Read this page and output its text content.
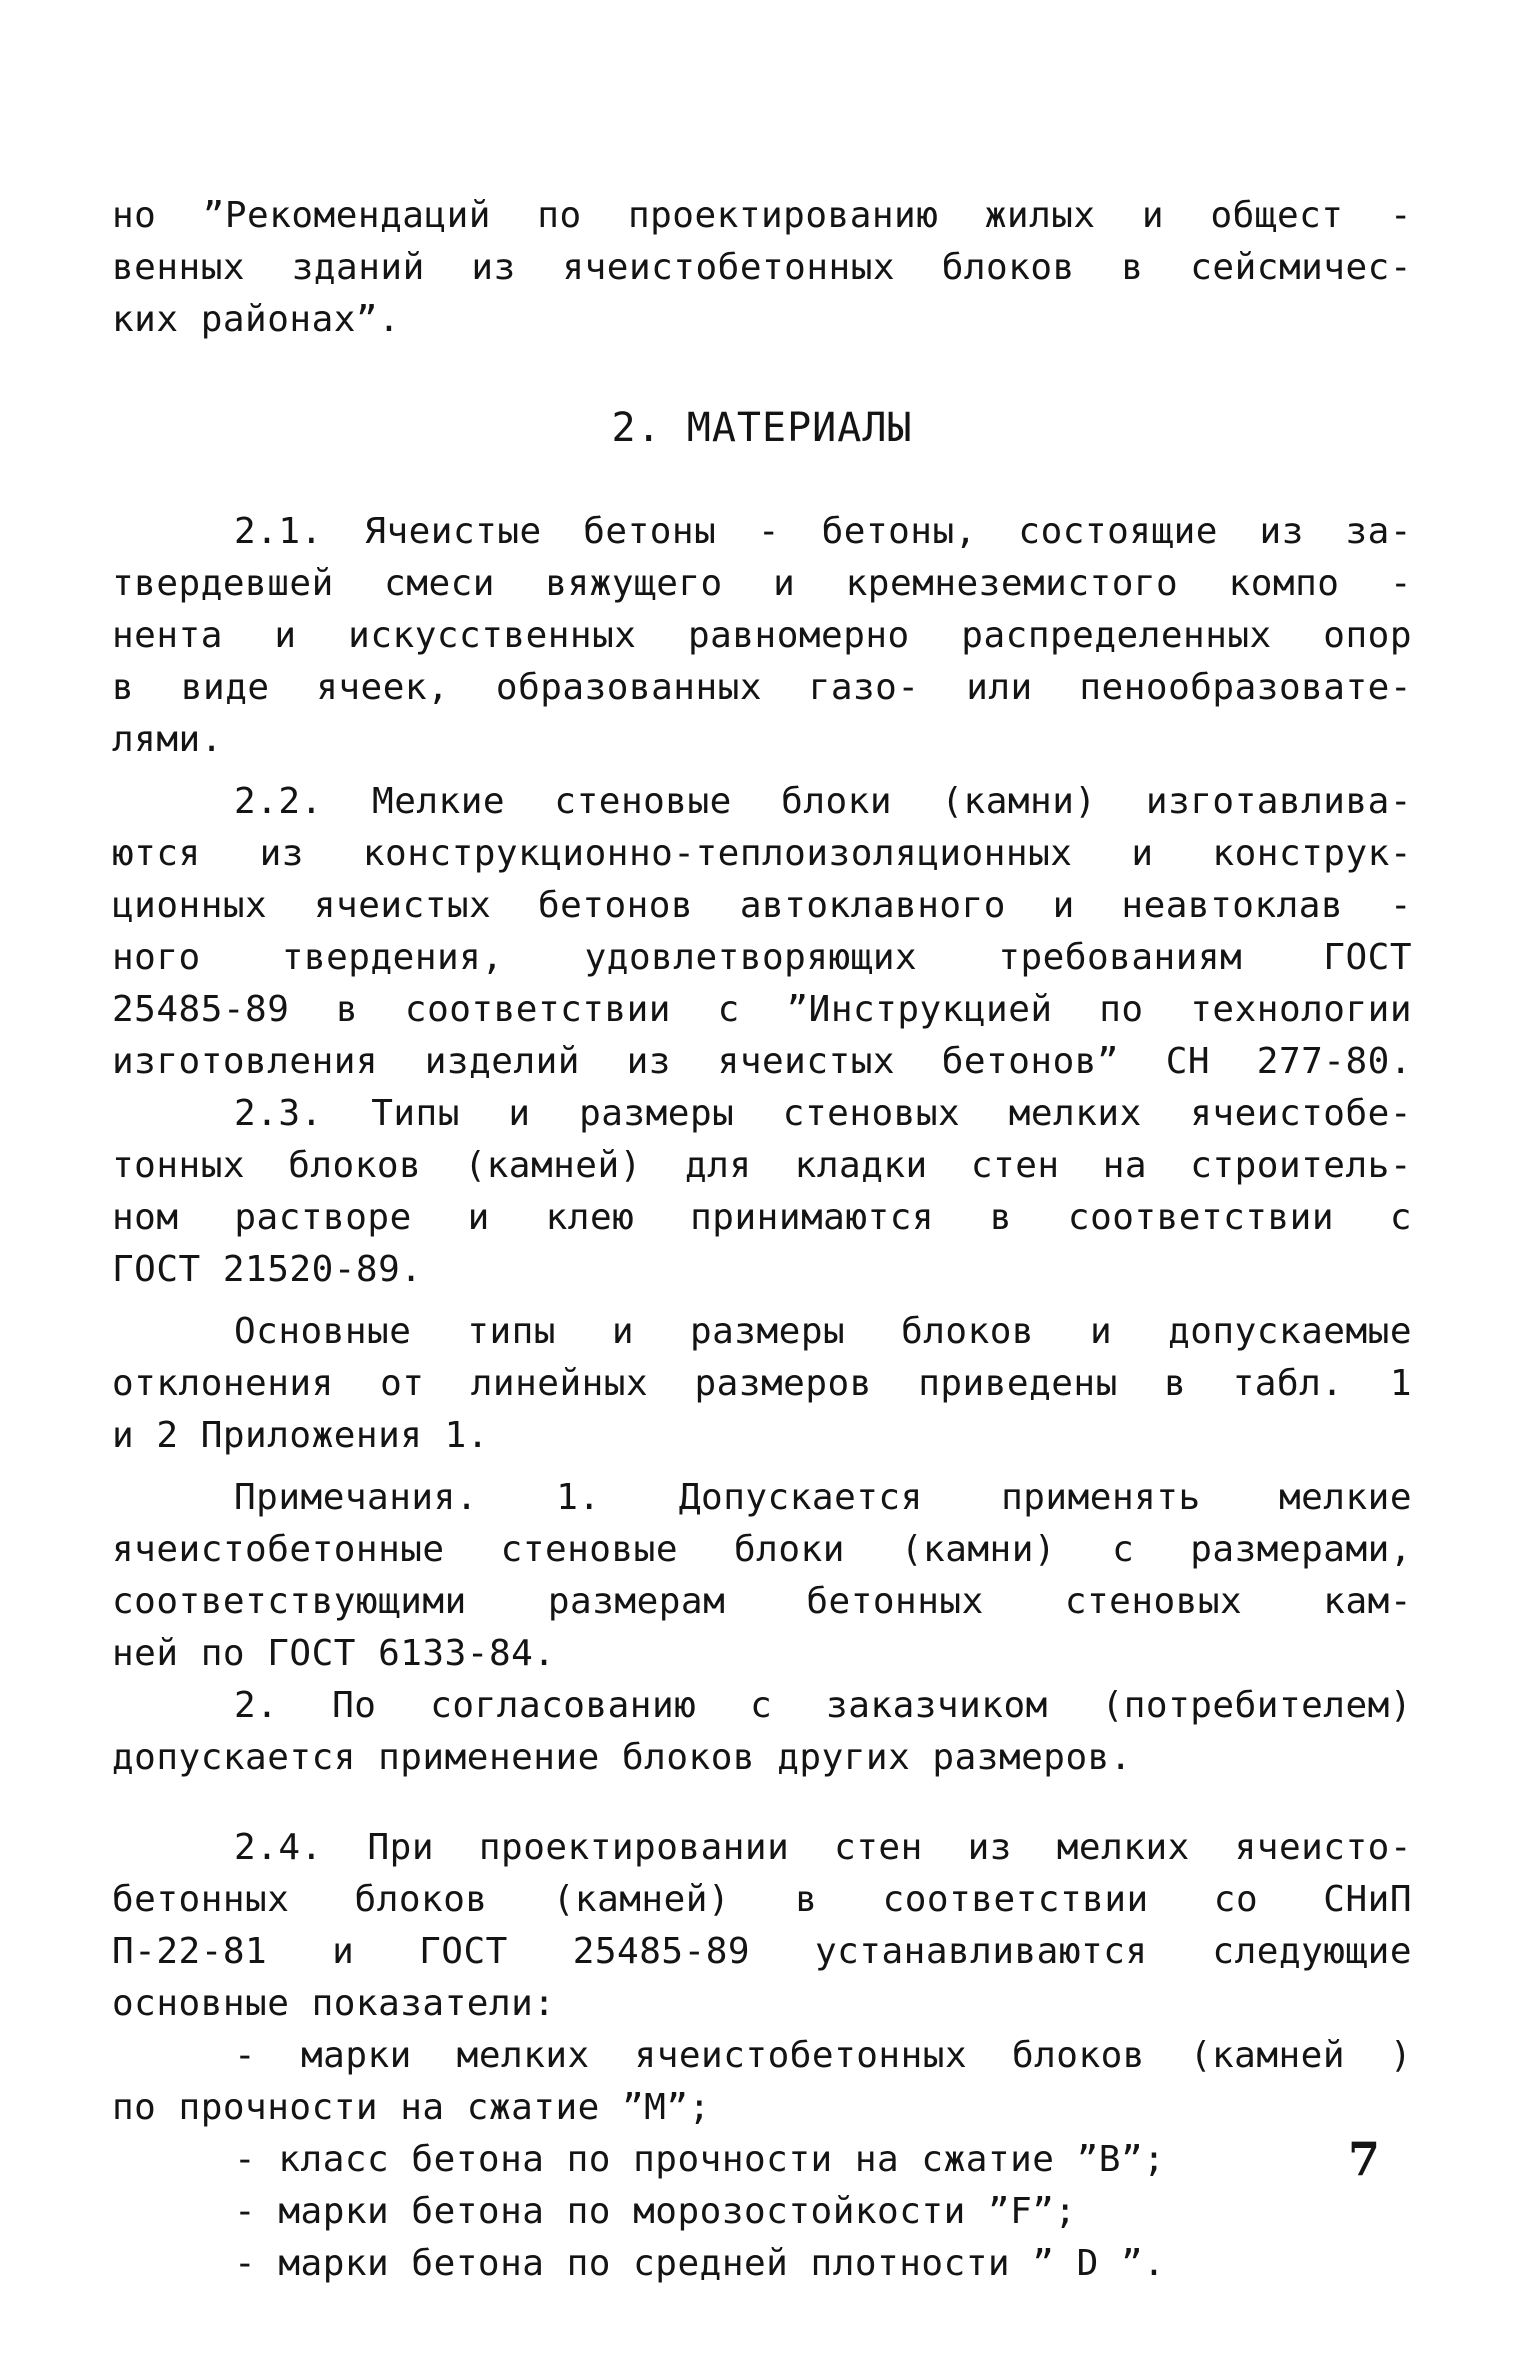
но ”Рекомендаций по проектированию жилых и общест -
венных зданий из ячеистобетонных блоков в сейсмичес-
ких районах”.
2. МАТЕРИАЛЫ
2.1. Ячеистые бетоны - бетоны, состоящие из за-
твердевшей смеси вяжущего и кремнеземистого компо -
нента и искусственных равномерно распределенных опор
в виде ячеек, образованных газо- или пенообразовате-
лями.
2.2. Мелкие стеновые блоки (камни) изготавлива-
ются из конструкционно-теплоизоляционных и конструк-
ционных ячеистых бетонов автоклавного и неавтоклав -
ного твердения, удовлетворяющих требованиям ГОСТ
25485-89 в соответствии с ”Инструкцией по технологии
изготовления изделий из ячеистых бетонов” СН 277-80.
2.3. Типы и размеры стеновых мелких ячеистобе-
тонных блоков (камней) для кладки стен на строитель-
ном растворе и клею принимаются в соответствии с
ГОСТ 21520-89.
Основные типы и размеры блоков и допускаемые
отклонения от линейных размеров приведены в табл. 1
и 2 Приложения 1.
Примечания. 1. Допускается применять мелкие
ячеистобетонные стеновые блоки (камни) с размерами,
соответствующими размерам бетонных стеновых кам-
ней по ГОСТ 6133-84.
2. По согласованию с заказчиком (потребителем)
допускается применение блоков других размеров.
2.4. При проектировании стен из мелких ячеисто-
бетонных блоков (камней) в соответствии со СНиП
П-22-81 и ГОСТ 25485-89 устанавливаются следующие
основные показатели:
- марки мелких ячеистобетонных блоков (камней )
по прочности на сжатие ”М”;
- класс бетона по прочности на сжатие ”В”;
- марки бетона по морозостойкости ”F”;
- марки бетона по средней плотности ” D ”.
7
